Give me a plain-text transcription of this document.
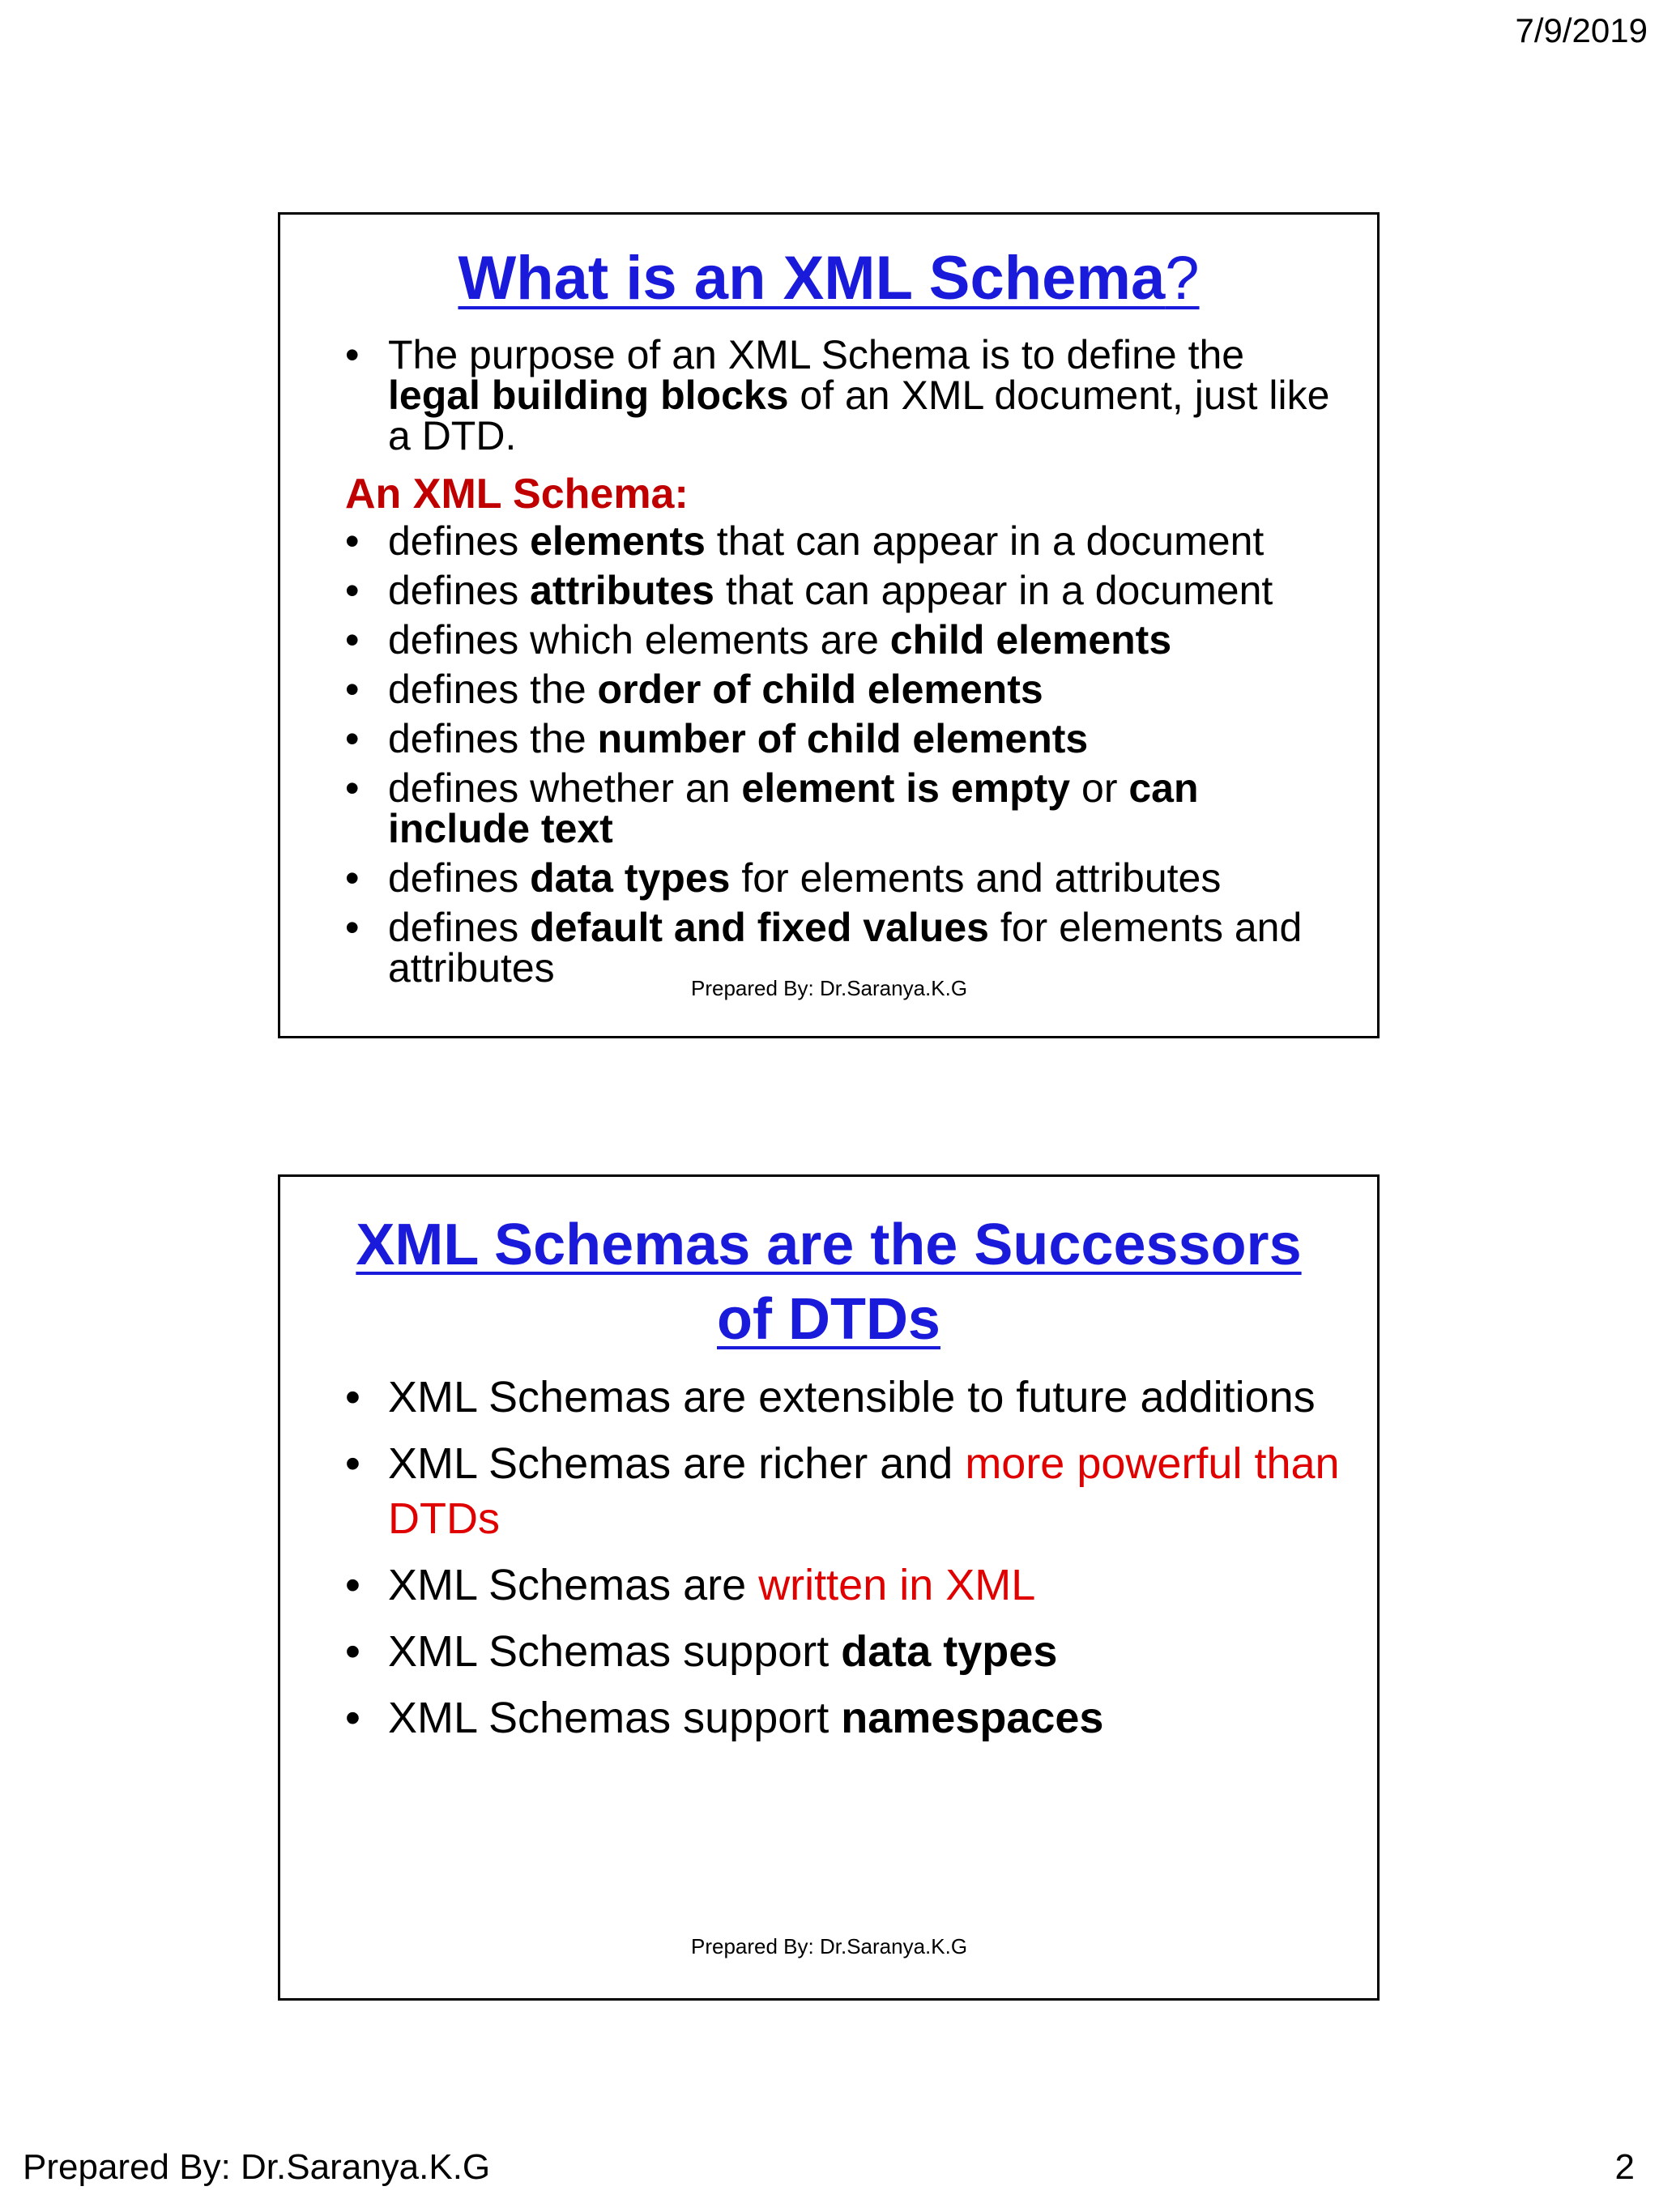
7/9/2019
What is an XML Schema?
• The purpose of an XML Schema is to define the legal building blocks of an XML document, just like a DTD.
An XML Schema:
• defines elements that can appear in a document
• defines attributes that can appear in a document
• defines which elements are child elements
• defines the order of child elements
• defines the number of child elements
• defines whether an element is empty or can include text
• defines data types for elements and attributes
• defines default and fixed values for elements and attributes	Prepared By: Dr.Saranya.K.G
XML Schemas are the Successors
of DTDs
• XML Schemas are extensible to future additions
• XML Schemas are richer and more powerful than DTDs
• XML Schemas are written in XML
• XML Schemas support data types
• XML Schemas support namespaces
Prepared By: Dr.Saranya.K.G
Prepared By: Dr.Saranya.K.G	2
